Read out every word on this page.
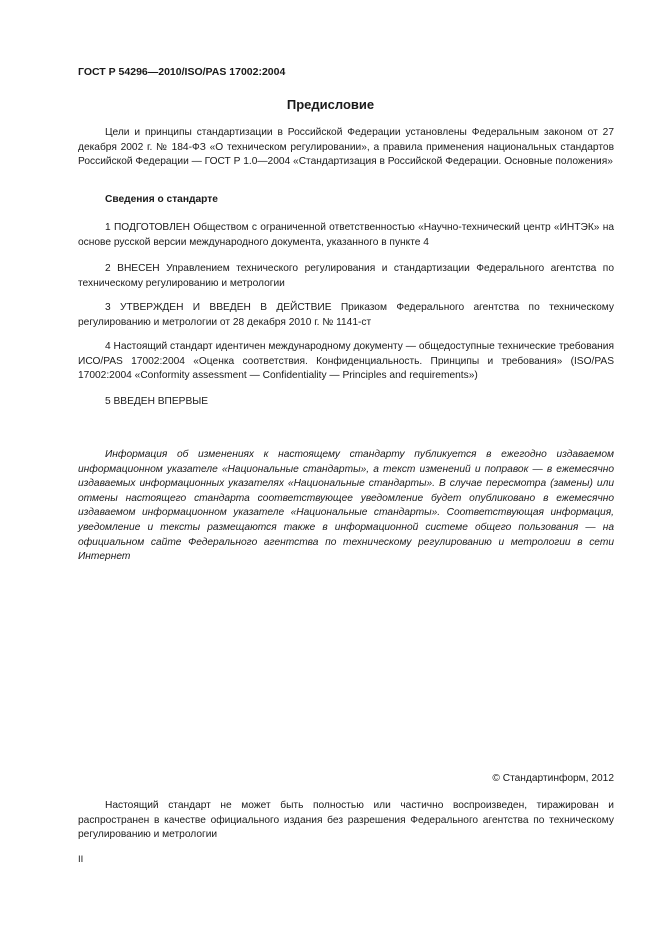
ГОСТ Р 54296—2010/ISO/PAS 17002:2004
Предисловие

Цели и принципы стандартизации в Российской Федерации установлены Федеральным законом от 27 декабря 2002 г. № 184-ФЗ «О техническом регулировании», а правила применения национальных стандартов Российской Федерации — ГОСТ Р 1.0—2004 «Стандартизация в Российской Федерации. Основные положения»

Сведения о стандарте

1 ПОДГОТОВЛЕН Обществом с ограниченной ответственностью «Научно-технический центр «ИНТЭК» на основе русской версии международного документа, указанного в пункте 4

2 ВНЕСЕН Управлением технического регулирования и стандартизации Федерального агентства по техническому регулированию и метрологии

3 УТВЕРЖДЕН И ВВЕДЕН В ДЕЙСТВИЕ Приказом Федерального агентства по техническому регулированию и метрологии от 28 декабря 2010 г. № 1141-ст

4 Настоящий стандарт идентичен международному документу — общедоступные технические требования ИСО/PAS 17002:2004 «Оценка соответствия. Конфиденциальность. Принципы и требования» (ISO/PAS 17002:2004 «Conformity assessment — Confidentiality — Principles and requirements»)

5 ВВЕДЕН ВПЕРВЫЕ

Информация об изменениях к настоящему стандарту публикуется в ежегодно издаваемом информационном указателе «Национальные стандарты», а текст изменений и поправок — в ежемесячно издаваемых информационных указателях «Национальные стандарты». В случае пересмотра (замены) или отмены настоящего стандарта соответствующее уведомление будет опубликовано в ежемесячно издаваемом информационном указателе «Национальные стандарты». Соответствующая информация, уведомление и тексты размещаются также в информационной системе общего пользования — на официальном сайте Федерального агентства по техническому регулированию и метрологии в сети Интернет

© Стандартинформ, 2012

Настоящий стандарт не может быть полностью или частично воспроизведен, тиражирован и распространен в качестве официального издания без разрешения Федерального агентства по техническому регулированию и метрологии

II
